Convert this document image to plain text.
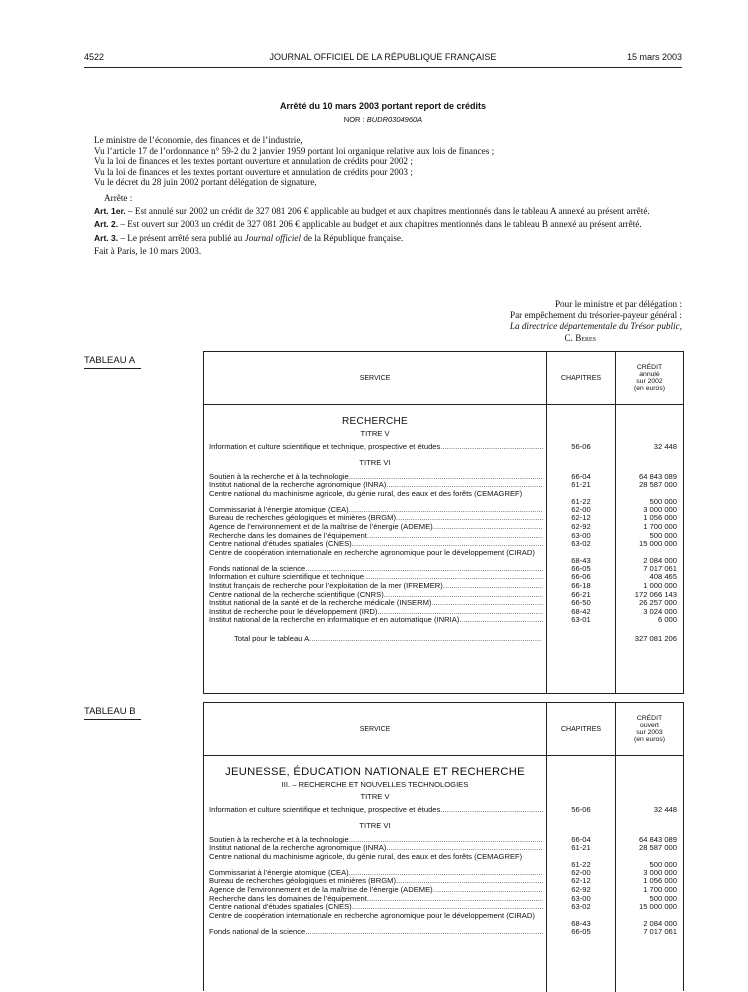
4522	JOURNAL OFFICIEL DE LA RÉPUBLIQUE FRANÇAISE	15 mars 2003
Arrêté du 10 mars 2003 portant report de crédits
NOR : BUDR0304960A

Le ministre de l’économie, des finances et de l’industrie,

Vu l’article 17 de l’ordonnance n° 59-2 du 2 janvier 1959 portant loi organique relative aux lois de finances ;

Vu la loi de finances et les textes portant ouverture et annulation de crédits pour 2002 ;

Vu la loi de finances et les textes portant ouverture et annulation de crédits pour 2003 ;

Vu le décret du 28 juin 2002 portant délégation de signature,

Arrête :

Art. 1er. – Est annulé sur 2002 un crédit de 327 081 206 € applicable au budget et aux chapitres mentionnés dans le tableau A annexé au présent arrêté.

Art. 2. – Est ouvert sur 2003 un crédit de 327 081 206 € applicable au budget et aux chapitres mentionnés dans le tableau B annexé au présent arrêté.

Art. 3. – Le présent arrêté sera publié au Journal officiel de la République française.

Fait à Paris, le 10 mars 2003.

Pour le ministre et par délégation :

Par empêchement du trésorier-payeur général :

La directrice départementale du Trésor public,

C. Beres

TABLEAU A
SERVICE	CHAPITRES
CRÉDIT
annulé
sur 2002
(en euros)
RECHERCHE
TITRE V
Information et culture scientifique et technique, prospective et études .....	56-06	32 448
TITRE VI
Soutien à la recherche et à la technologie .....	66-04	64 843 089
Institut national de la recherche agronomique (INRA) .....	61-21	28 587 000
Centre national du machinisme agricole, du génie rural, des eaux et des forêts (CEMAGREF)
61-22	500 000
Commissariat à l’énergie atomique (CEA) .....	62-00	3 000 000
Bureau de recherches géologiques et minières (BRGM) .....	62-12	1 056 000
Agence de l’environnement et de la maîtrise de l’énergie (ADEME) .....	62-92	1 700 000
Recherche dans les domaines de l’équipement .....	63-00	500 000
Centre national d’études spatiales (CNES) .....	63-02	15 000 000
Centre de coopération internationale en recherche agronomique pour le développement (CIRAD)
68-43	2 084 000
Fonds national de la science .....	66-05	7 017 061
Information et culture scientifique et technique .....	66-06	408 465
Institut français de recherche pour l’exploitation de la mer (IFREMER) .....	66-18	1 000 000
Centre national de la recherche scientifique (CNRS) .....	66-21	172 066 143
Institut national de la santé et de la recherche médicale (INSERM) .....	66-50	26 257 000
Institut de recherche pour le développement (IRD) .....	68-42	3 024 000
Institut national de la recherche en informatique et en automatique (INRIA) .....	63-01	6 000
Total pour le tableau A .....	327 081 206
TABLEAU B
SERVICE	CHAPITRES
CRÉDIT
ouvert
sur 2003
(en euros)
JEUNESSE, ÉDUCATION NATIONALE ET RECHERCHE
III. – RECHERCHE ET NOUVELLES TECHNOLOGIES
TITRE V
Information et culture scientifique et technique, prospective et études .....	56-06	32 448
TITRE VI
Soutien à la recherche et à la technologie .....	66-04	64 843 089
Institut national de la recherche agronomique (INRA) .....	61-21	28 587 000
Centre national du machinisme agricole, du génie rural, des eaux et des forêts (CEMAGREF)
61-22	500 000
Commissariat à l’énergie atomique (CEA) .....	62-00	3 000 000
Bureau de recherches géologiques et minières (BRGM) .....	62-12	1 056 000
Agence de l’environnement et de la maîtrise de l’énergie (ADEME) .....	62-92	1 700 000
Recherche dans les domaines de l’équipement .....	63-00	500 000
Centre national d’études spatiales (CNES) .....	63-02	15 000 000
Centre de coopération internationale en recherche agronomique pour le développement (CIRAD)
68-43	2 084 000
Fonds national de la science .....	66-05	7 017 061
